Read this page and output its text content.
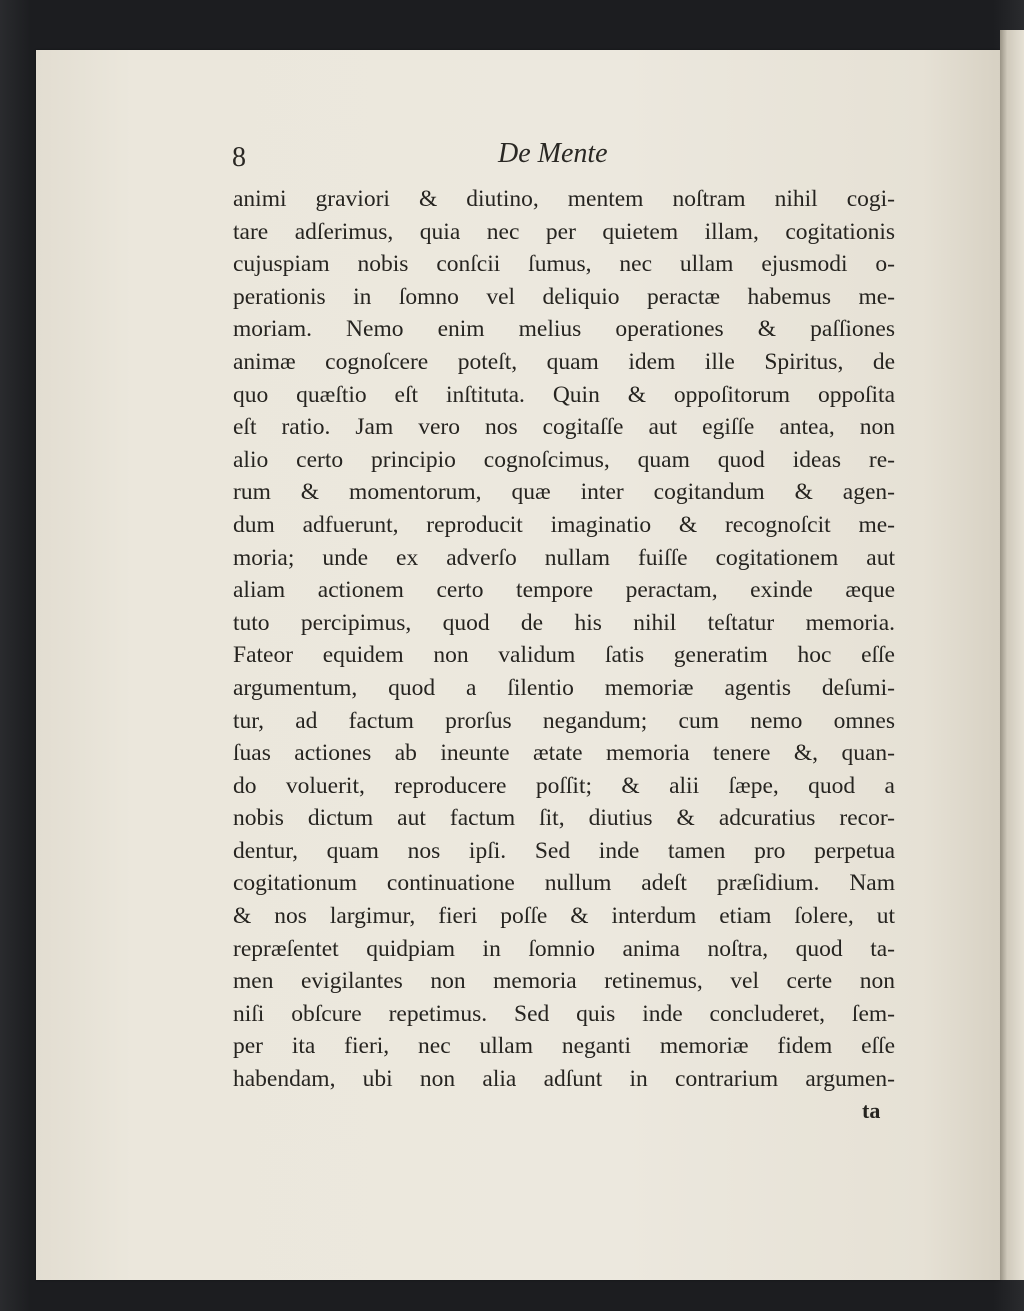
8	De Mente
animi graviori & diutino, mentem noſtram nihil cogi-
tare adſerimus, quia nec per quietem illam, cogitationis
cujuspiam nobis conſcii ſumus, nec ullam ejusmodi o-
perationis in ſomno vel deliquio peractæ habemus me-
moriam. Nemo enim melius operationes & paſſiones
animæ cognoſcere poteſt, quam idem ille Spiritus, de
quo quæſtio eſt inſtituta. Quin & oppoſitorum oppoſita
eſt ratio. Jam vero nos cogitaſſe aut egiſſe antea, non
alio certo principio cognoſcimus, quam quod ideas re-
rum & momentorum, quæ inter cogitandum & agen-
dum adfuerunt, reproducit imaginatio & recognoſcit me-
moria; unde ex adverſo nullam fuiſſe cogitationem aut
aliam actionem certo tempore peractam, exinde æque
tuto percipimus, quod de his nihil teſtatur memoria.
Fateor equidem non validum ſatis generatim hoc eſſe
argumentum, quod a ſilentio memoriæ agentis deſumi-
tur, ad factum prorſus negandum; cum nemo omnes
ſuas actiones ab ineunte ætate memoria tenere &, quan-
do voluerit, reproducere poſſit; & alii ſæpe, quod a
nobis dictum aut factum ſit, diutius & adcuratius recor-
dentur, quam nos ipſi. Sed inde tamen pro perpetua
cogitationum continuatione nullum adeſt præſidium. Nam
& nos largimur, fieri poſſe & interdum etiam ſolere, ut
repræſentet quidpiam in ſomnio anima noſtra, quod ta-
men evigilantes non memoria retinemus, vel certe non
niſi obſcure repetimus. Sed quis inde concluderet, ſem-
per ita fieri, nec ullam neganti memoriæ fidem eſſe
habendam, ubi non alia adſunt in contrarium argumen-
ta
